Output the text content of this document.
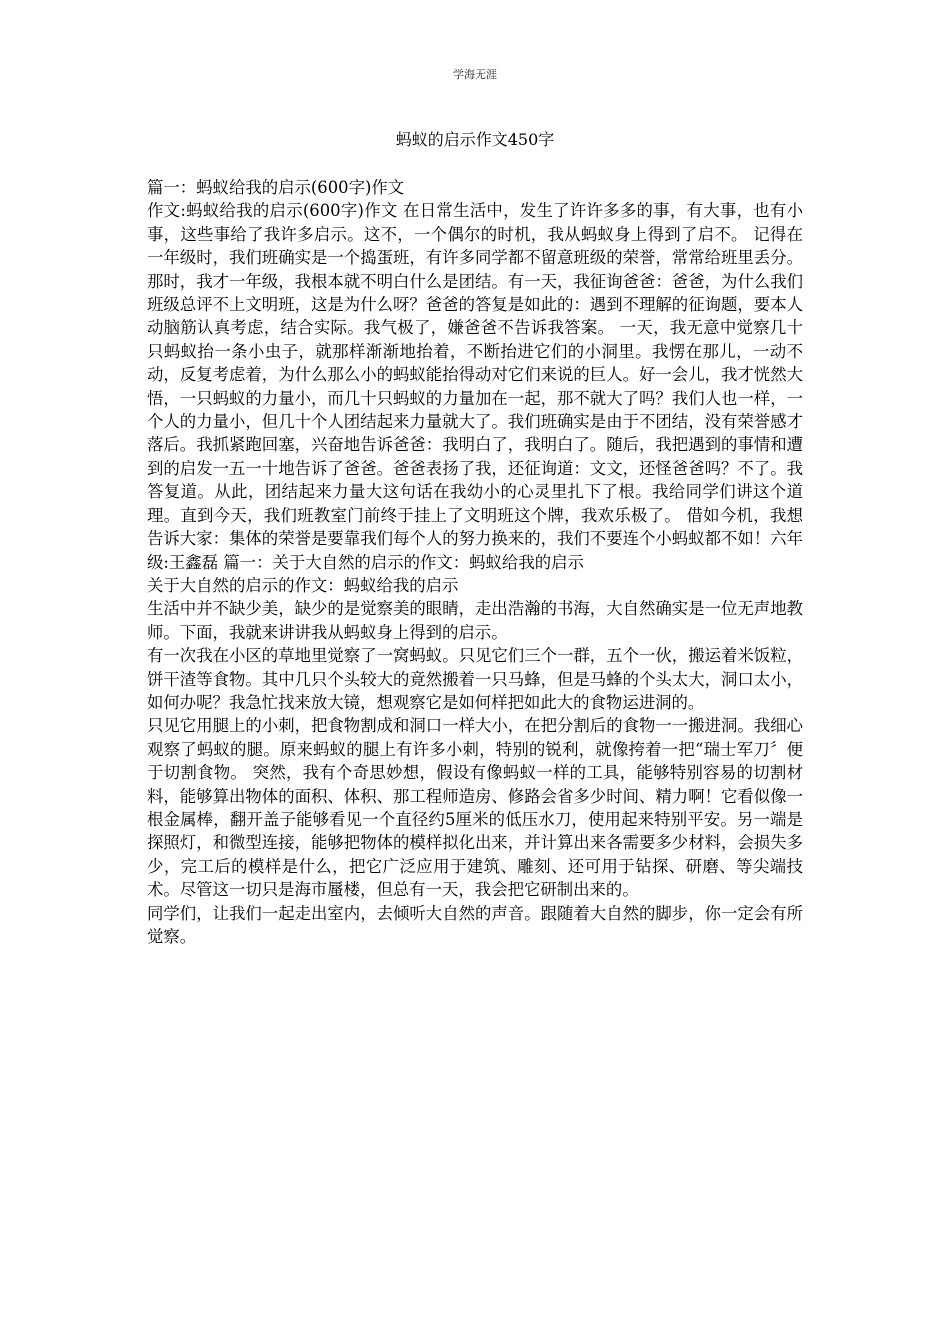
学海无涯
蚂蚁的启示作文450字

篇一：蚂蚁给我的启示(600字)作文

作文:蚂蚁给我的启示(600字)作文 在日常生活中，发生了许许多多的事，有大事，也有小事，这些事给了我许多启示。这不，一个偶尔的时机，我从蚂蚁身上得到了启不。 记得在一年级时，我们班确实是一个捣蛋班，有许多同学都不留意班级的荣誉，常常给班里丢分。那时，我才一年级，我根本就不明白什么是团结。有一天，我征询爸爸：爸爸，为什么我们班级总评不上文明班，这是为什么呀？爸爸的答复是如此的：遇到不理解的征询题，要本人动脑筋认真考虑，结合实际。我气极了，嫌爸爸不告诉我答案。 一天，我无意中觉察几十只蚂蚁抬一条小虫子，就那样渐渐地抬着，不断抬进它们的小洞里。我愣在那儿，一动不动，反复考虑着，为什么那么小的蚂蚁能抬得动对它们来说的巨人。好一会儿，我才恍然大悟，一只蚂蚁的力量小，而几十只蚂蚁的力量加在一起，那不就大了吗？我们人也一样，一个人的力量小，但几十个人团结起来力量就大了。我们班确实是由于不团结，没有荣誉感才落后。我抓紧跑回塞，兴奋地告诉爸爸：我明白了，我明白了。随后，我把遇到的事情和遭到的启发一五一十地告诉了爸爸。爸爸表扬了我，还征询道：文文，还怪爸爸吗？不了。我答复道。从此，团结起来力量大这句话在我幼小的心灵里扎下了根。我给同学们讲这个道理。直到今天，我们班教室门前终于挂上了文明班这个牌，我欢乐极了。 借如今机，我想告诉大家：集体的荣誉是要靠我们每个人的努力换来的，我们不要连个小蚂蚁都不如！六年级:王鑫磊 篇一：关于大自然的启示的作文：蚂蚁给我的启示

关于大自然的启示的作文：蚂蚁给我的启示

生活中并不缺少美，缺少的是觉察美的眼睛，走出浩瀚的书海，大自然确实是一位无声地教师。下面，我就来讲讲我从蚂蚁身上得到的启示。

有一次我在小区的草地里觉察了一窝蚂蚁。只见它们三个一群，五个一伙，搬运着米饭粒，饼干渣等食物。其中几只个头较大的竟然搬着一只马蜂，但是马蜂的个头太大，洞口太小，如何办呢？我急忙找来放大镜，想观察它是如何样把如此大的食物运进洞的。

只见它用腿上的小刺，把食物割成和洞口一样大小，在把分割后的食物一一搬进洞。我细心观察了蚂蚁的腿。原来蚂蚁的腿上有许多小刺，特别的锐利，就像挎着一把“瑞士军刀〞便于切割食物。 突然，我有个奇思妙想，假设有像蚂蚁一样的工具，能够特别容易的切割材料，能够算出物体的面积、体积、那工程师造房、修路会省多少时间、精力啊！它看似像一根金属棒，翻开盖子能够看见一个直径约5厘米的低压水刀，使用起来特别平安。另一端是探照灯，和微型连接，能够把物体的模样拟化出来，并计算出来各需要多少材料，会损失多少，完工后的模样是什么，把它广泛应用于建筑、雕刻、还可用于钻探、研磨、等尖端技术。尽管这一切只是海市蜃楼，但总有一天，我会把它研制出来的。

同学们，让我们一起走出室内，去倾听大自然的声音。跟随着大自然的脚步，你一定会有所觉察。
